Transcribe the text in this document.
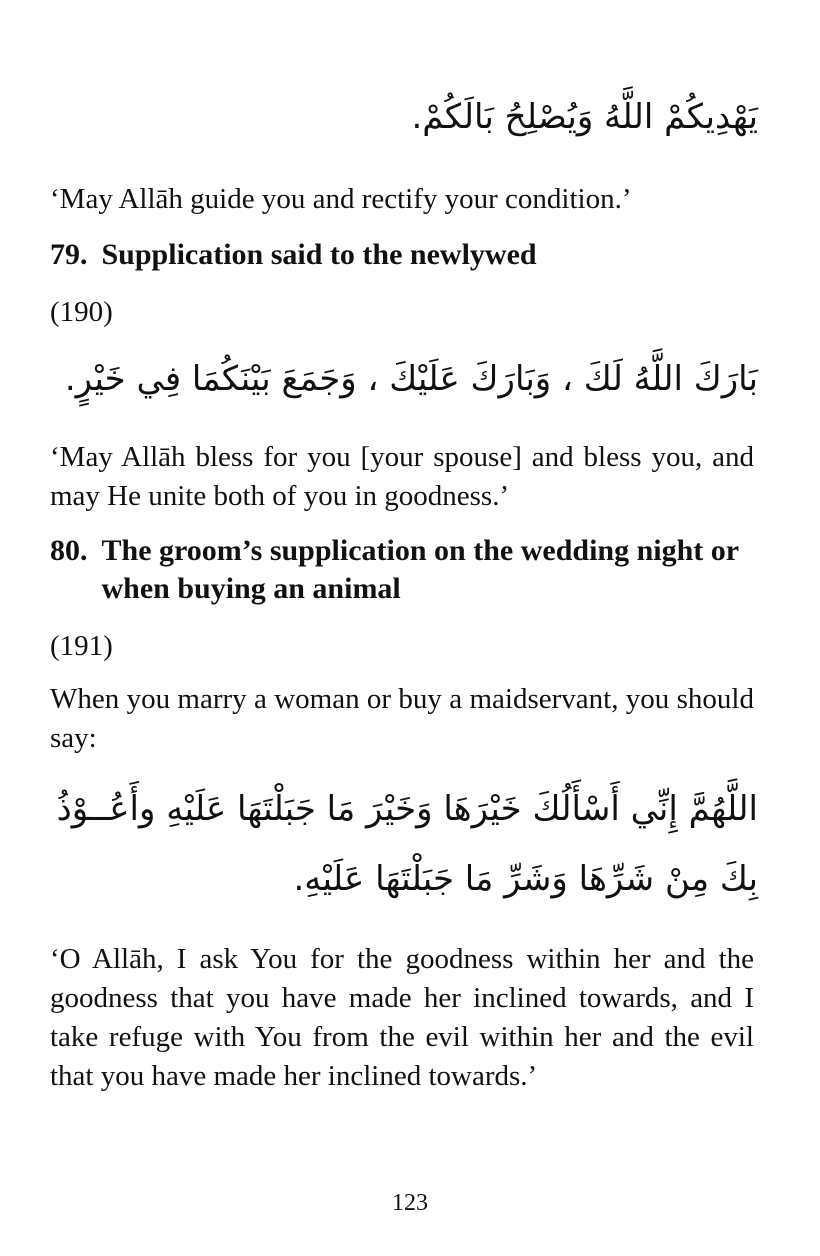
يَهْدِيكُمْ اللَّهُ وَيُصْلِحُ بَالَكُمْ.

‘May Allāh guide you and rectify your condition.’

79. Supplication said to the newlywed

(190)

بَارَكَ اللَّهُ لَكَ ، وَبَارَكَ عَلَيْكَ ، وَجَمَعَ بَيْنَكُمَا فِي خَيْرٍ.

‘May Allāh bless for you [your spouse] and bless you, and may He unite both of you in goodness.’

80. The groom’s supplication on the wedding night or when buying an animal

(191)

When you marry a woman or buy a maidservant, you should say:

اللَّهُمَّ إِنِّي أَسْأَلُكَ خَيْرَهَا وَخَيْرَ مَا جَبَلْتَهَا عَلَيْهِ وأَعُــوْذُ
بِكَ مِنْ شَرِّهَا وَشَرِّ مَا جَبَلْتَهَا عَلَيْهِ.

‘O Allāh, I ask You for the goodness within her and the goodness that you have made her inclined towards, and I take refuge with You from the evil within her and the evil that you have made her inclined towards.’

123
